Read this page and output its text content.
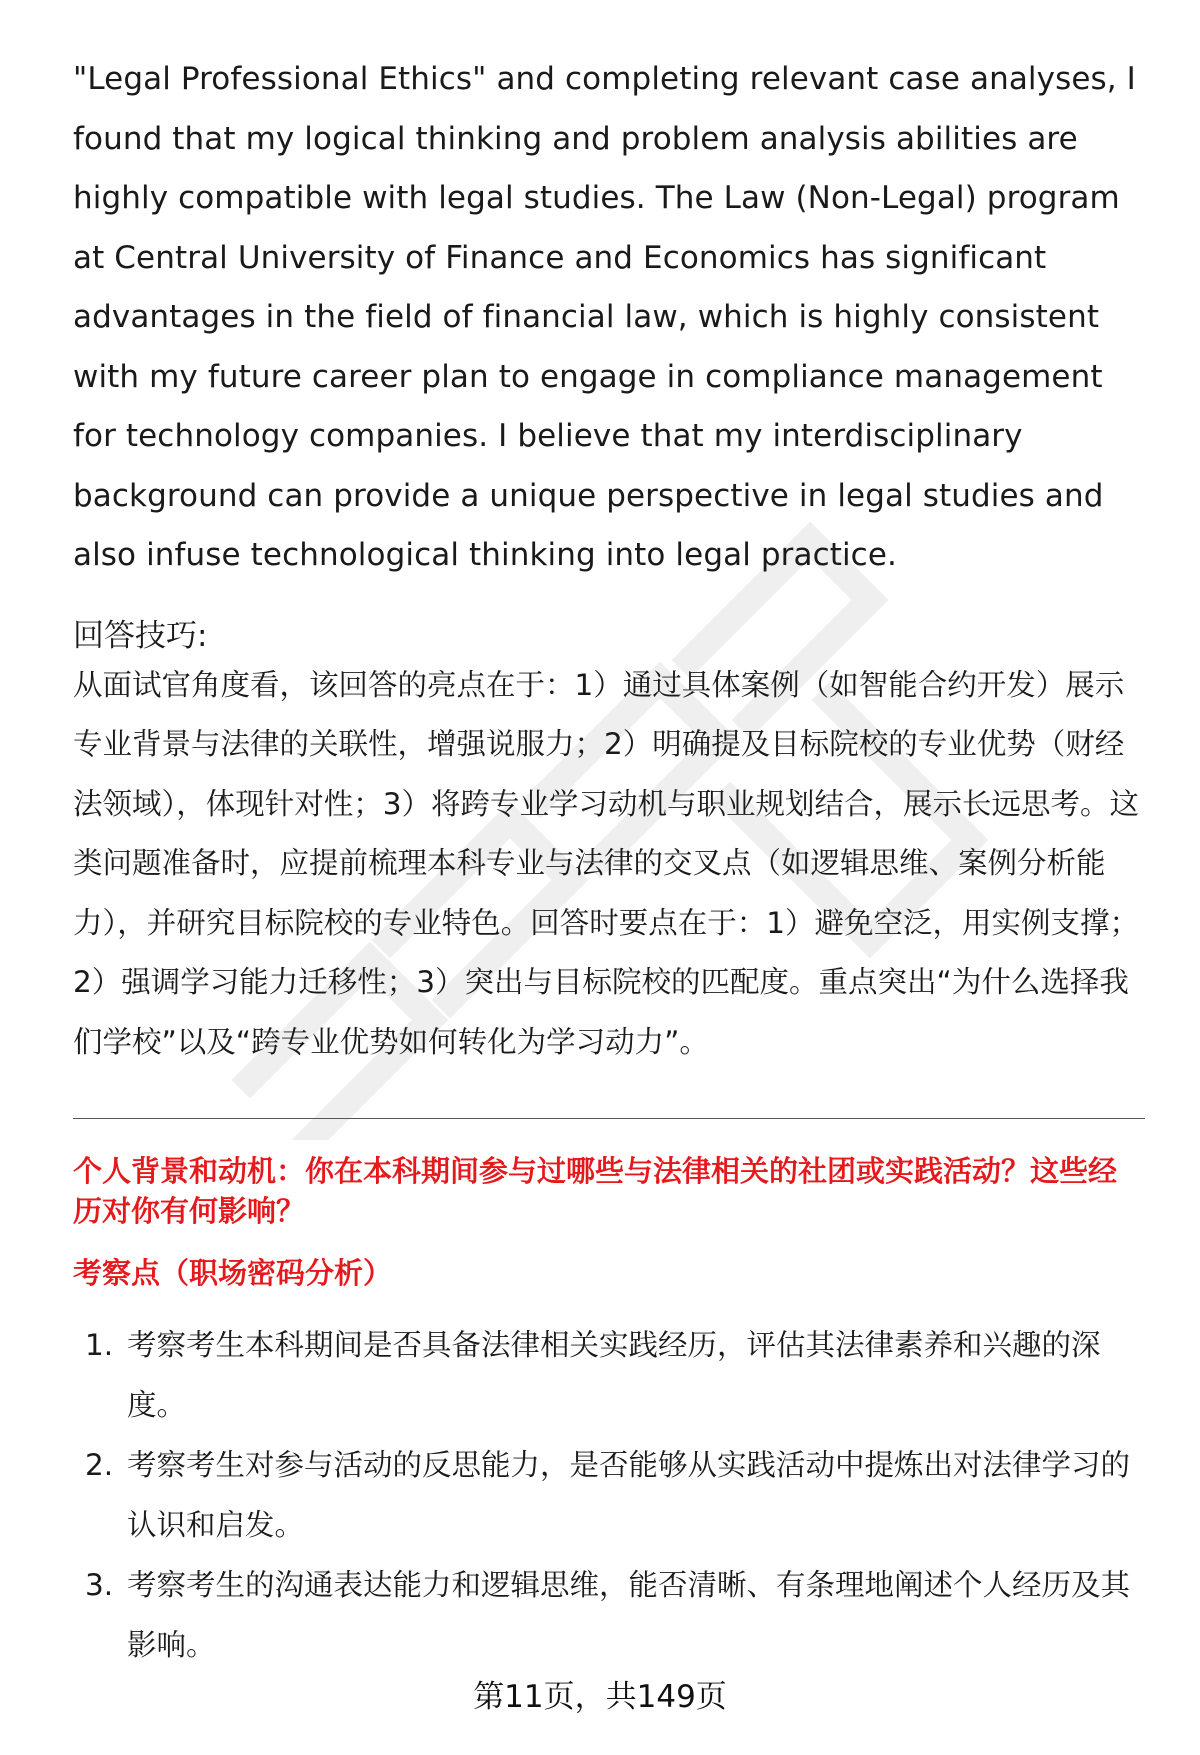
"Legal Professional Ethics" and completing relevant case analyses, I found that my logical thinking and problem analysis abilities are highly compatible with legal studies. The Law (Non-Legal) program at Central University of Finance and Economics has significant advantages in the field of financial law, which is highly consistent with my future career plan to engage in compliance management for technology companies. I believe that my interdisciplinary background can provide a unique perspective in legal studies and also infuse technological thinking into legal practice.

回答技巧:

从面试官角度看，该回答的亮点在于：1）通过具体案例（如智能合约开发）展示专业背景与法律的关联性，增强说服力；2）明确提及目标院校的专业优势（财经法领域），体现针对性；3）将跨专业学习动机与职业规划结合，展示长远思考。这类问题准备时，应提前梳理本科专业与法律的交叉点（如逻辑思维、案例分析能力），并研究目标院校的专业特色。回答时要点在于：1）避免空泛，用实例支撑；2）强调学习能力迁移性；3）突出与目标院校的匹配度。重点突出“为什么选择我们学校”以及“跨专业优势如何转化为学习动力”。

个人背景和动机：你在本科期间参与过哪些与法律相关的社团或实践活动？这些经历对你有何影响？

考察点（职场密码分析）

1. 考察考生本科期间是否具备法律相关实践经历，评估其法律素养和兴趣的深度。
2. 考察考生对参与活动的反思能力，是否能够从实践活动中提炼出对法律学习的认识和启发。
3. 考察考生的沟通表达能力和逻辑思维，能否清晰、有条理地阐述个人经历及其影响。
第11页，共149页
